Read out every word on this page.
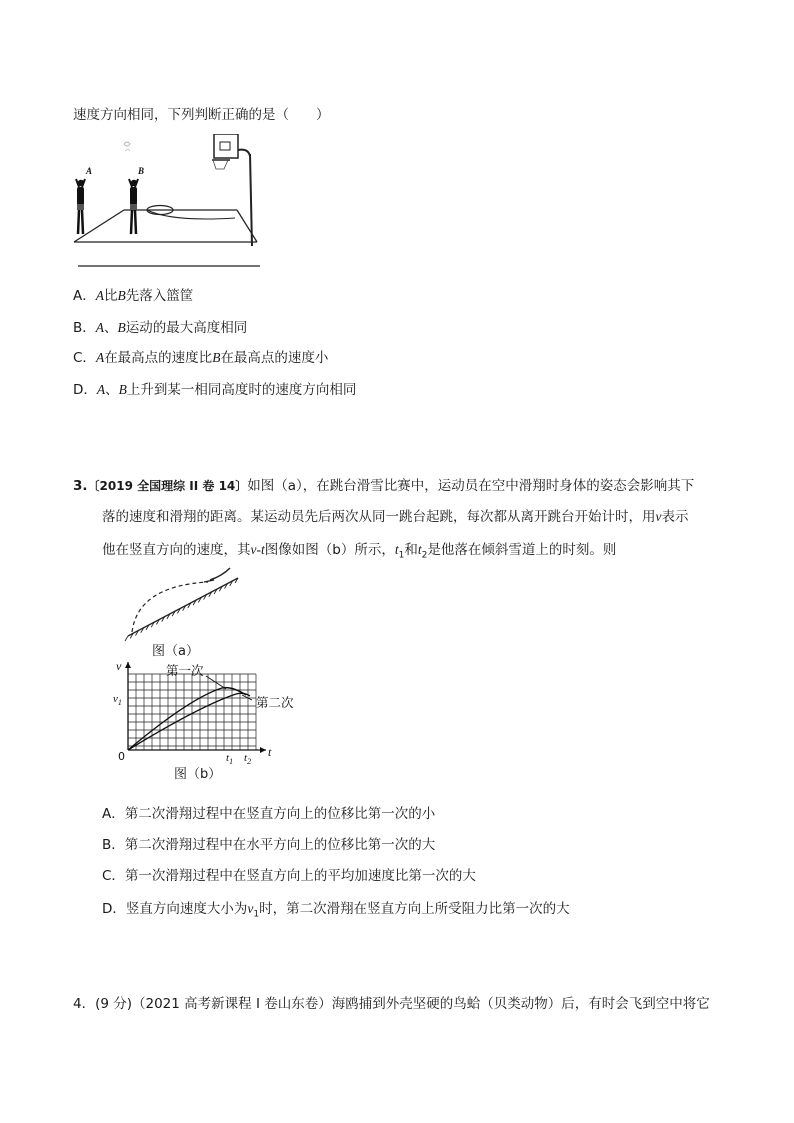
速度方向相同，下列判断正确的是（　　）
A	B
A．A比B先落入篮筐
B．A、B运动的最大高度相同
C．A在最高点的速度比B在最高点的速度小
D．A、B上升到某一相同高度时的速度方向相同
3.〔2019 全国理综 II 卷 14〕如图（a），在跳台滑雪比赛中，运动员在空中滑翔时身体的姿态会影响其下
落的速度和滑翔的距离。某运动员先后两次从同一跳台起跳，每次都从离开跳台开始计时，用v表示
他在竖直方向的速度，其v-t图像如图（b）所示，$t_1$和$t_2$是他落在倾斜雪道上的时刻。则
图（a）
v
t
0
$v_1$
$t_1$ $t_2$
第一次
第二次
图（b）
A．第二次滑翔过程中在竖直方向上的位移比第一次的小
B．第二次滑翔过程中在水平方向上的位移比第一次的大
C．第一次滑翔过程中在竖直方向上的平均加速度比第一次的大
D．竖直方向速度大小为$v_1$时，第二次滑翔在竖直方向上所受阻力比第一次的大
4．(9 分)（2021 高考新课程 I 卷山东卷）海鸥捕到外壳坚硬的鸟蛤（贝类动物）后，有时会飞到空中将它
